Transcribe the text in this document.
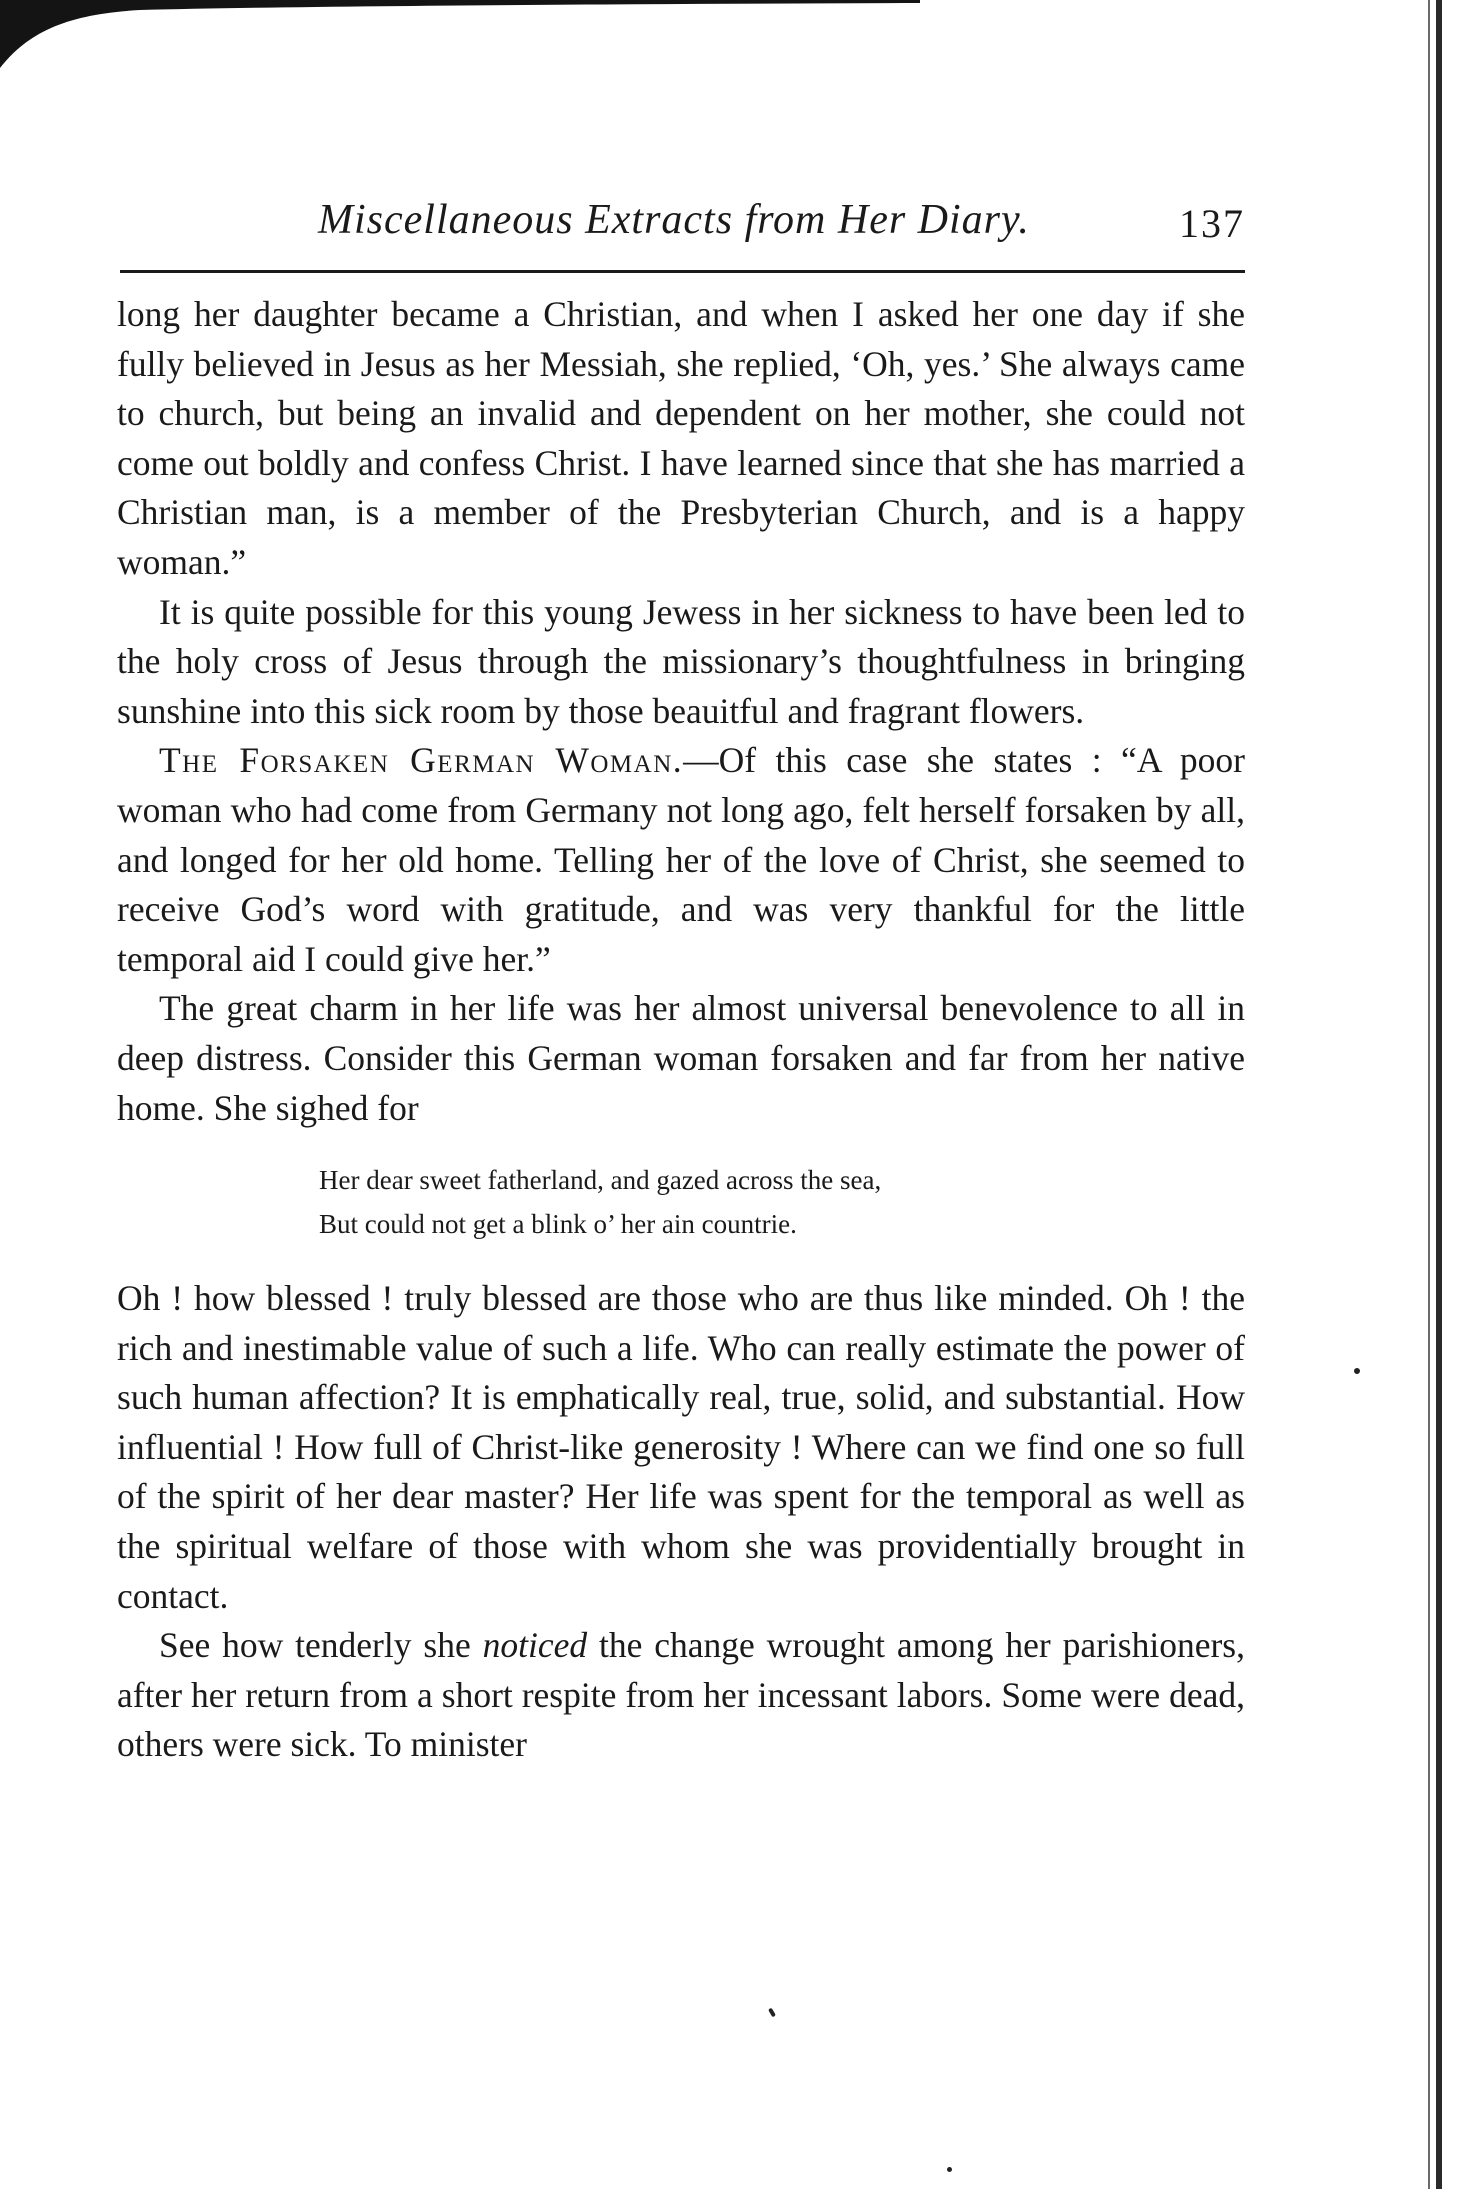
Miscellaneous Extracts from Her Diary.	137

long her daughter became a Christian, and when I asked her one day if she fully believed in Jesus as her Messiah, she replied, ‘Oh, yes.’ She always came to church, but being an invalid and dependent on her mother, she could not come out boldly and confess Christ. I have learned since that she has married a Christian man, is a member of the Presbyterian Church, and is a happy woman.”

It is quite possible for this young Jewess in her sickness to have been led to the holy cross of Jesus through the missionary’s thoughtfulness in bringing sunshine into this sick room by those beauitful and fragrant flowers.

The Forsaken German Woman.—Of this case she states : “A poor woman who had come from Germany not long ago, felt herself forsaken by all, and longed for her old home. Telling her of the love of Christ, she seemed to receive God’s word with gratitude, and was very thankful for the little temporal aid I could give her.”

The great charm in her life was her almost universal benevolence to all in deep distress. Consider this German woman forsaken and far from her native home. She sighed for

Her dear sweet fatherland, and gazed across the sea,
But could not get a blink o’ her ain countrie.

Oh ! how blessed ! truly blessed are those who are thus like minded. Oh ! the rich and inestimable value of such a life. Who can really estimate the power of such human affection? It is emphatically real, true, solid, and substantial. How influential ! How full of Christ-like generosity ! Where can we find one so full of the spirit of her dear master? Her life was spent for the temporal as well as the spiritual welfare of those with whom she was providentially brought in contact.

See how tenderly she noticed the change wrought among her parishioners, after her return from a short respite from her incessant labors. Some were dead, others were sick. To minister
